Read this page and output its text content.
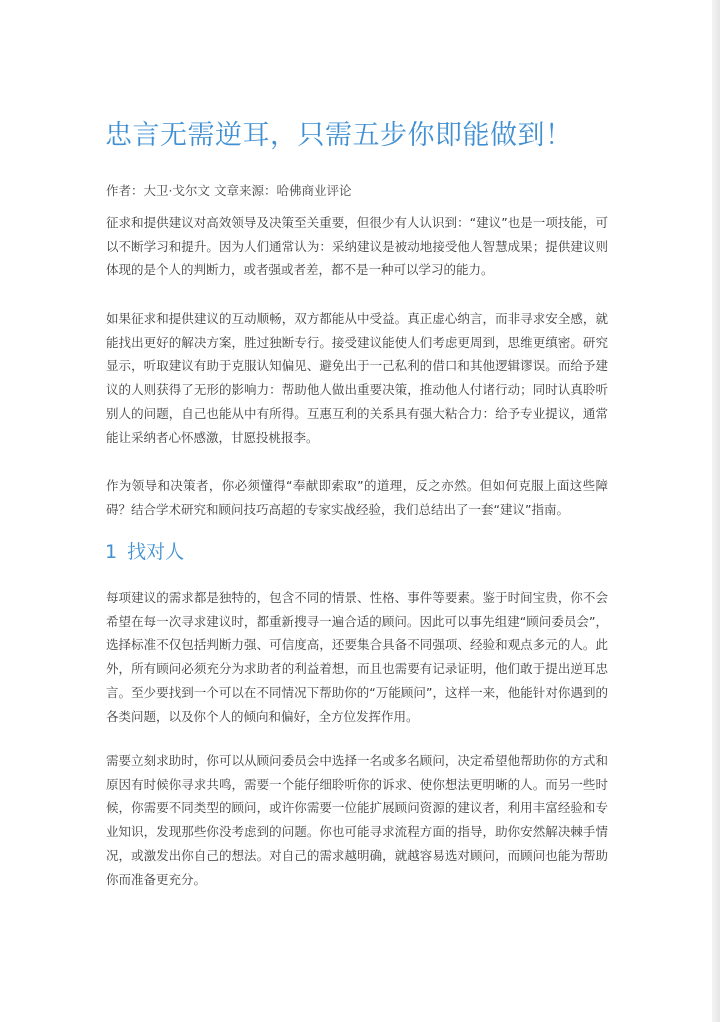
忠言无需逆耳，只需五步你即能做到！
作者：大卫·戈尔文 文章来源：哈佛商业评论

征求和提供建议对高效领导及决策至关重要，但很少有人认识到：“建议”也是一项技能，可以不断学习和提升。因为人们通常认为：采纳建议是被动地接受他人智慧成果；提供建议则体现的是个人的判断力，或者强或者差，都不是一种可以学习的能力。

如果征求和提供建议的互动顺畅，双方都能从中受益。真正虚心纳言，而非寻求安全感，就能找出更好的解决方案，胜过独断专行。接受建议能使人们考虑更周到，思维更缜密。研究显示，听取建议有助于克服认知偏见、避免出于一己私利的借口和其他逻辑谬误。而给予建议的人则获得了无形的影响力：帮助他人做出重要决策，推动他人付诸行动；同时认真聆听别人的问题，自己也能从中有所得。互惠互利的关系具有强大粘合力：给予专业提议，通常能让采纳者心怀感激，甘愿投桃报李。

作为领导和决策者，你必须懂得“奉献即索取”的道理，反之亦然。但如何克服上面这些障碍？结合学术研究和顾问技巧高超的专家实战经验，我们总结出了一套“建议”指南。

1 找对人

每项建议的需求都是独特的，包含不同的情景、性格、事件等要素。鉴于时间宝贵，你不会希望在每一次寻求建议时，都重新搜寻一遍合适的顾问。因此可以事先组建“顾问委员会”，选择标准不仅包括判断力强、可信度高，还要集合具备不同强项、经验和观点多元的人。此外，所有顾问必须充分为求助者的利益着想，而且也需要有记录证明，他们敢于提出逆耳忠言。至少要找到一个可以在不同情况下帮助你的“万能顾问”，这样一来，他能针对你遇到的各类问题，以及你个人的倾向和偏好，全方位发挥作用。

需要立刻求助时，你可以从顾问委员会中选择一名或多名顾问，决定希望他帮助你的方式和原因有时候你寻求共鸣，需要一个能仔细聆听你的诉求、使你想法更明晰的人。而另一些时候，你需要不同类型的顾问，或许你需要一位能扩展顾问资源的建议者，利用丰富经验和专业知识，发现那些你没考虑到的问题。你也可能寻求流程方面的指导，助你安然解决棘手情况，或激发出你自己的想法。对自己的需求越明确，就越容易选对顾问，而顾问也能为帮助你而准备更充分。
